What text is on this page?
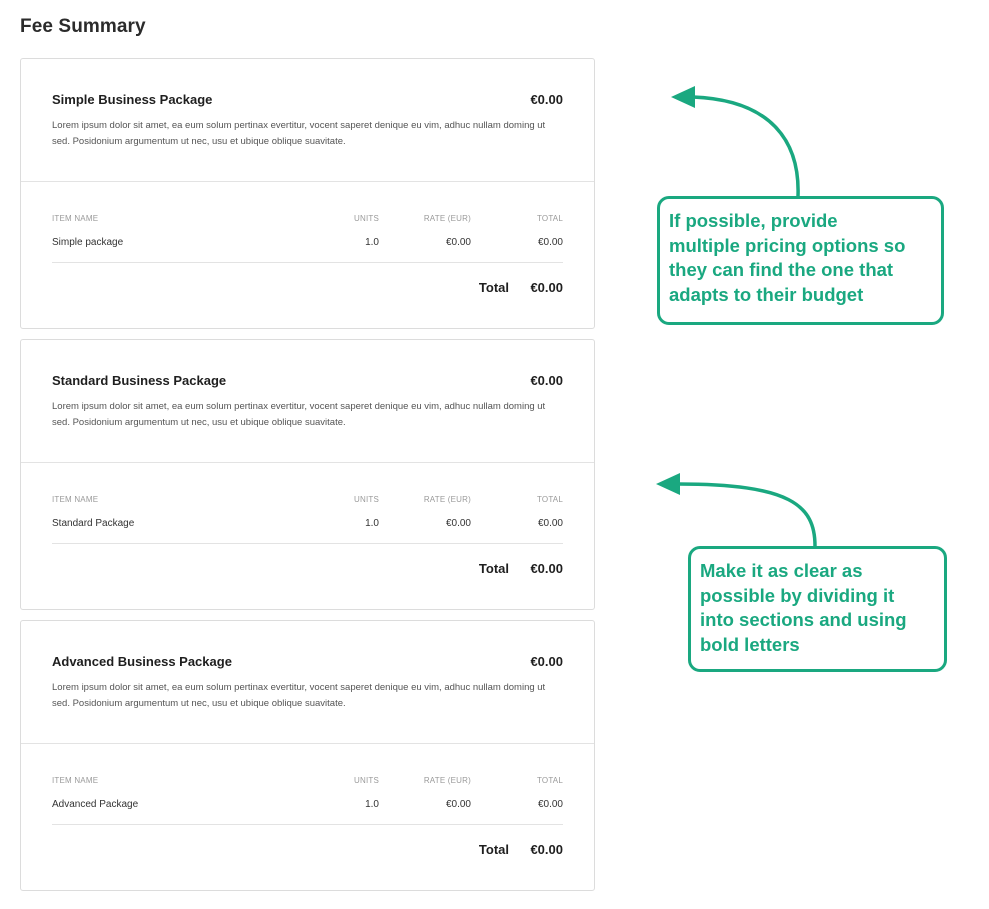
Fee Summary
Simple Business Package	€0.00
Lorem ipsum dolor sit amet, ea eum solum pertinax evertitur, vocent saperet denique eu vim, adhuc nullam doming ut sed. Posidonium argumentum ut nec, usu et ubique oblique suavitate.
ITEM NAME	UNITS	RATE (EUR)	TOTAL
Simple package	1.0	€0.00	€0.00
Total €0.00
Standard Business Package	€0.00
Lorem ipsum dolor sit amet, ea eum solum pertinax evertitur, vocent saperet denique eu vim, adhuc nullam doming ut sed. Posidonium argumentum ut nec, usu et ubique oblique suavitate.
ITEM NAME	UNITS	RATE (EUR)	TOTAL
Standard Package	1.0	€0.00	€0.00
Total €0.00
Advanced Business Package	€0.00
Lorem ipsum dolor sit amet, ea eum solum pertinax evertitur, vocent saperet denique eu vim, adhuc nullam doming ut sed. Posidonium argumentum ut nec, usu et ubique oblique suavitate.
ITEM NAME	UNITS	RATE (EUR)	TOTAL
Advanced Package	1.0	€0.00	€0.00
Total €0.00
If possible, provide
multiple pricing options so
they can find the one that
adapts to their budget
Make it as clear as
possible by dividing it
into sections and using
bold letters
